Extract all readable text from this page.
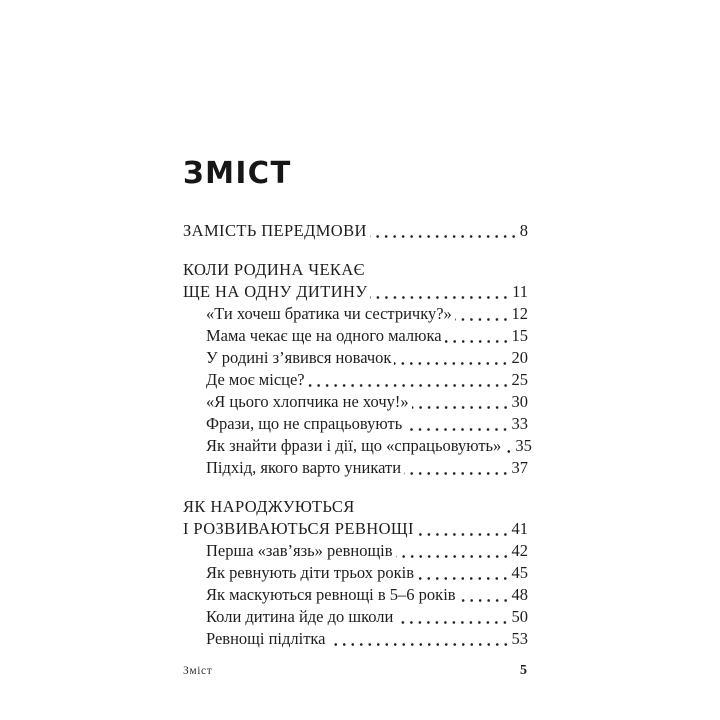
ЗМІСТ
ЗАМІСТЬ ПЕРЕДМОВИ	8
КОЛИ РОДИНА ЧЕКАЄ
ЩЕ НА ОДНУ ДИТИНУ	11
«Ти хочеш братика чи сестричку?»	12
Мама чекає ще на одного малюка	15
У родині з’явився новачок	20
Де моє місце?	25
«Я цього хлопчика не хочу!»	30
Фрази, що не спрацьовують	33
Як знайти фрази і дії, що «спрацьовують» 35
Підхід, якого варто уникати	37
ЯК НАРОДЖУЮТЬСЯ
І РОЗВИВАЮТЬСЯ РЕВНОЩІ	41
Перша «зав’язь» ревнощів	42
Як ревнують діти трьох років	45
Як маскуються ревнощі в 5–6 років	48
Коли дитина йде до школи	50
Ревнощі підлітка	53
Зміст	5
